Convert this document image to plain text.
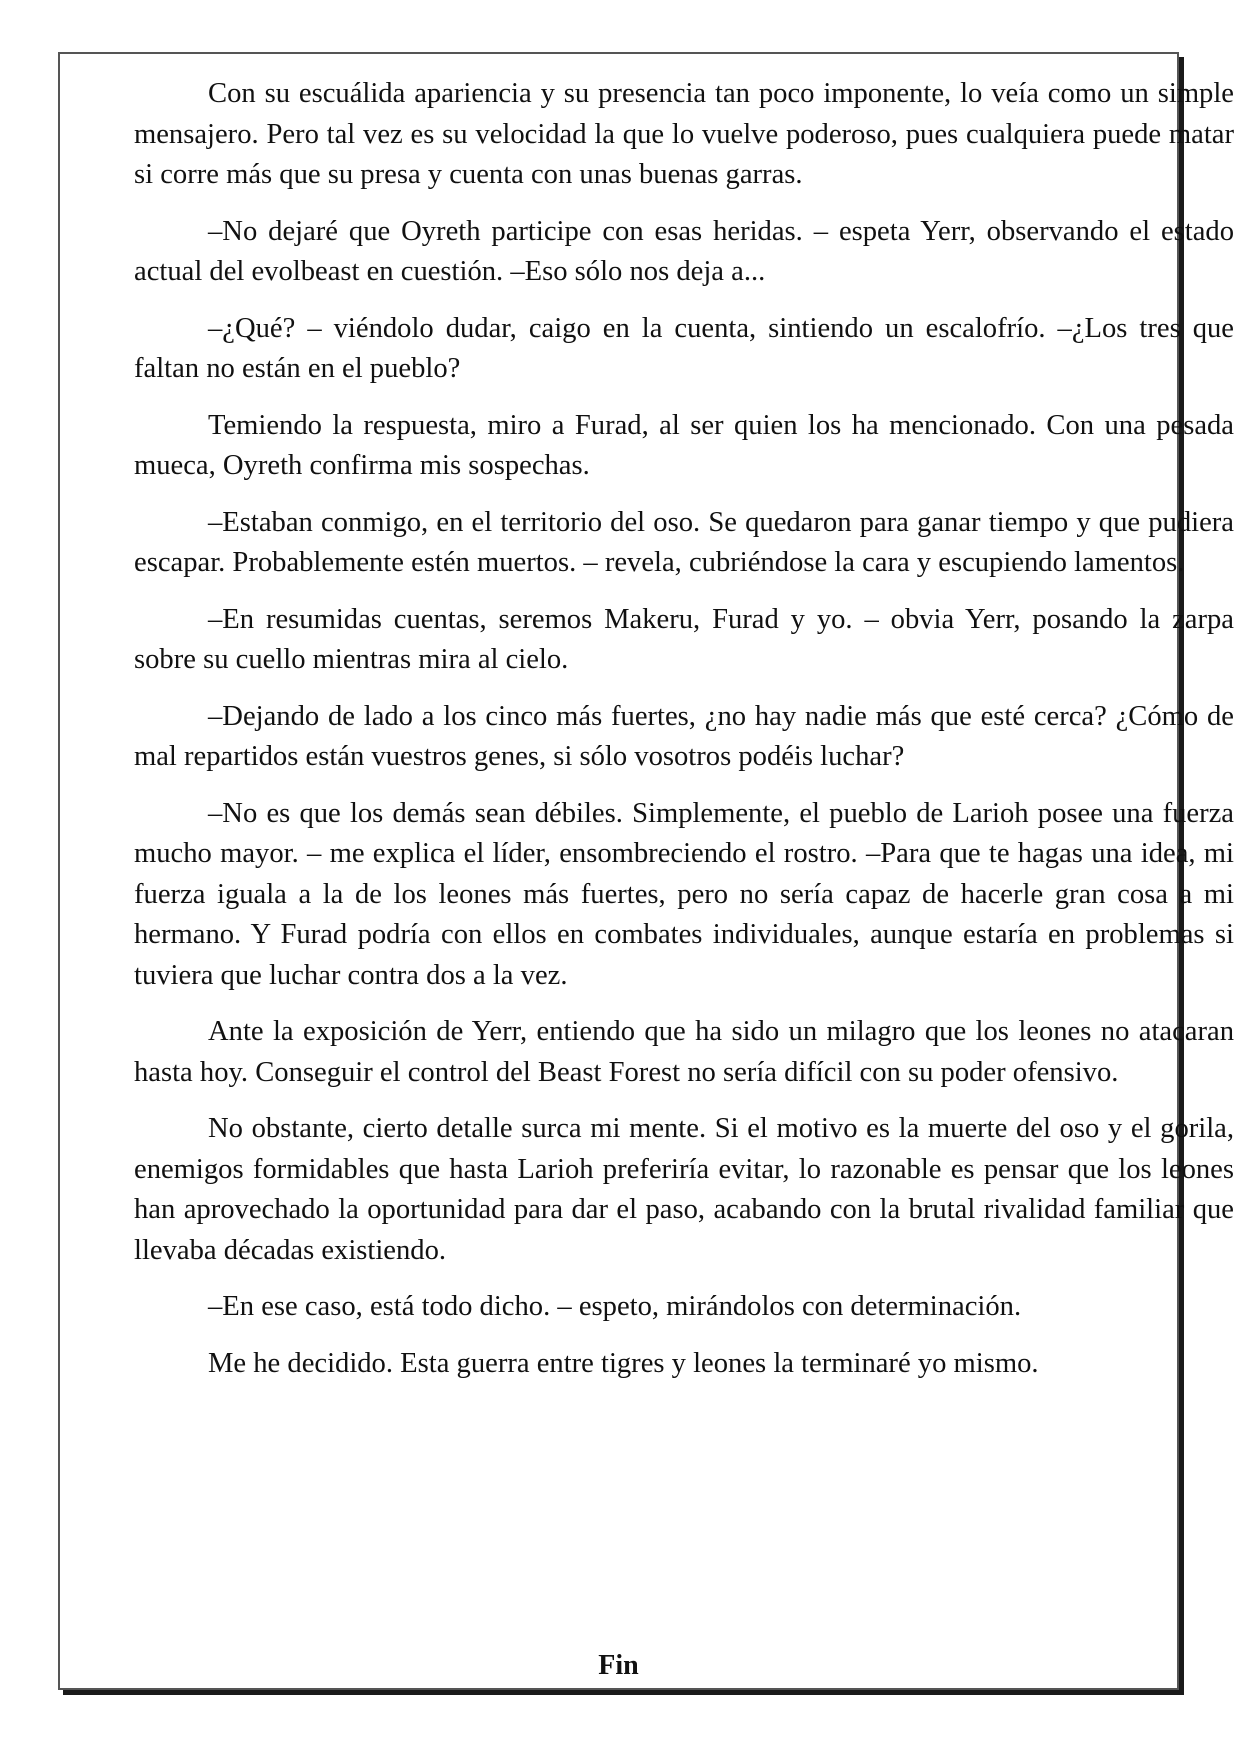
Con su escuálida apariencia y su presencia tan poco imponente, lo veía como un simple mensajero. Pero tal vez es su velocidad la que lo vuelve poderoso, pues cualquiera puede matar si corre más que su presa y cuenta con unas buenas garras.

–No dejaré que Oyreth participe con esas heridas. – espeta Yerr, observando el estado actual del evolbeast en cuestión. –Eso sólo nos deja a...

–¿Qué? – viéndolo dudar, caigo en la cuenta, sintiendo un escalofrío. –¿Los tres que faltan no están en el pueblo?

Temiendo la respuesta, miro a Furad, al ser quien los ha mencionado. Con una pesada mueca, Oyreth confirma mis sospechas.

–Estaban conmigo, en el territorio del oso. Se quedaron para ganar tiempo y que pudiera escapar. Probablemente estén muertos. – revela, cubriéndose la cara y escupiendo lamentos.

–En resumidas cuentas, seremos Makeru, Furad y yo. – obvia Yerr, posando la zarpa sobre su cuello mientras mira al cielo.

–Dejando de lado a los cinco más fuertes, ¿no hay nadie más que esté cerca? ¿Cómo de mal repartidos están vuestros genes, si sólo vosotros podéis luchar?

–No es que los demás sean débiles. Simplemente, el pueblo de Larioh posee una fuerza mucho mayor. – me explica el líder, ensombreciendo el rostro. –Para que te hagas una idea, mi fuerza iguala a la de los leones más fuertes, pero no sería capaz de hacerle gran cosa a mi hermano. Y Furad podría con ellos en combates individuales, aunque estaría en problemas si tuviera que luchar contra dos a la vez.

Ante la exposición de Yerr, entiendo que ha sido un milagro que los leones no atacaran hasta hoy. Conseguir el control del Beast Forest no sería difícil con su poder ofensivo.

No obstante, cierto detalle surca mi mente. Si el motivo es la muerte del oso y el gorila, enemigos formidables que hasta Larioh preferiría evitar, lo razonable es pensar que los leones han aprovechado la oportunidad para dar el paso, acabando con la brutal rivalidad familiar que llevaba décadas existiendo.

–En ese caso, está todo dicho. – espeto, mirándolos con determinación.

Me he decidido. Esta guerra entre tigres y leones la terminaré yo mismo.

Fin
